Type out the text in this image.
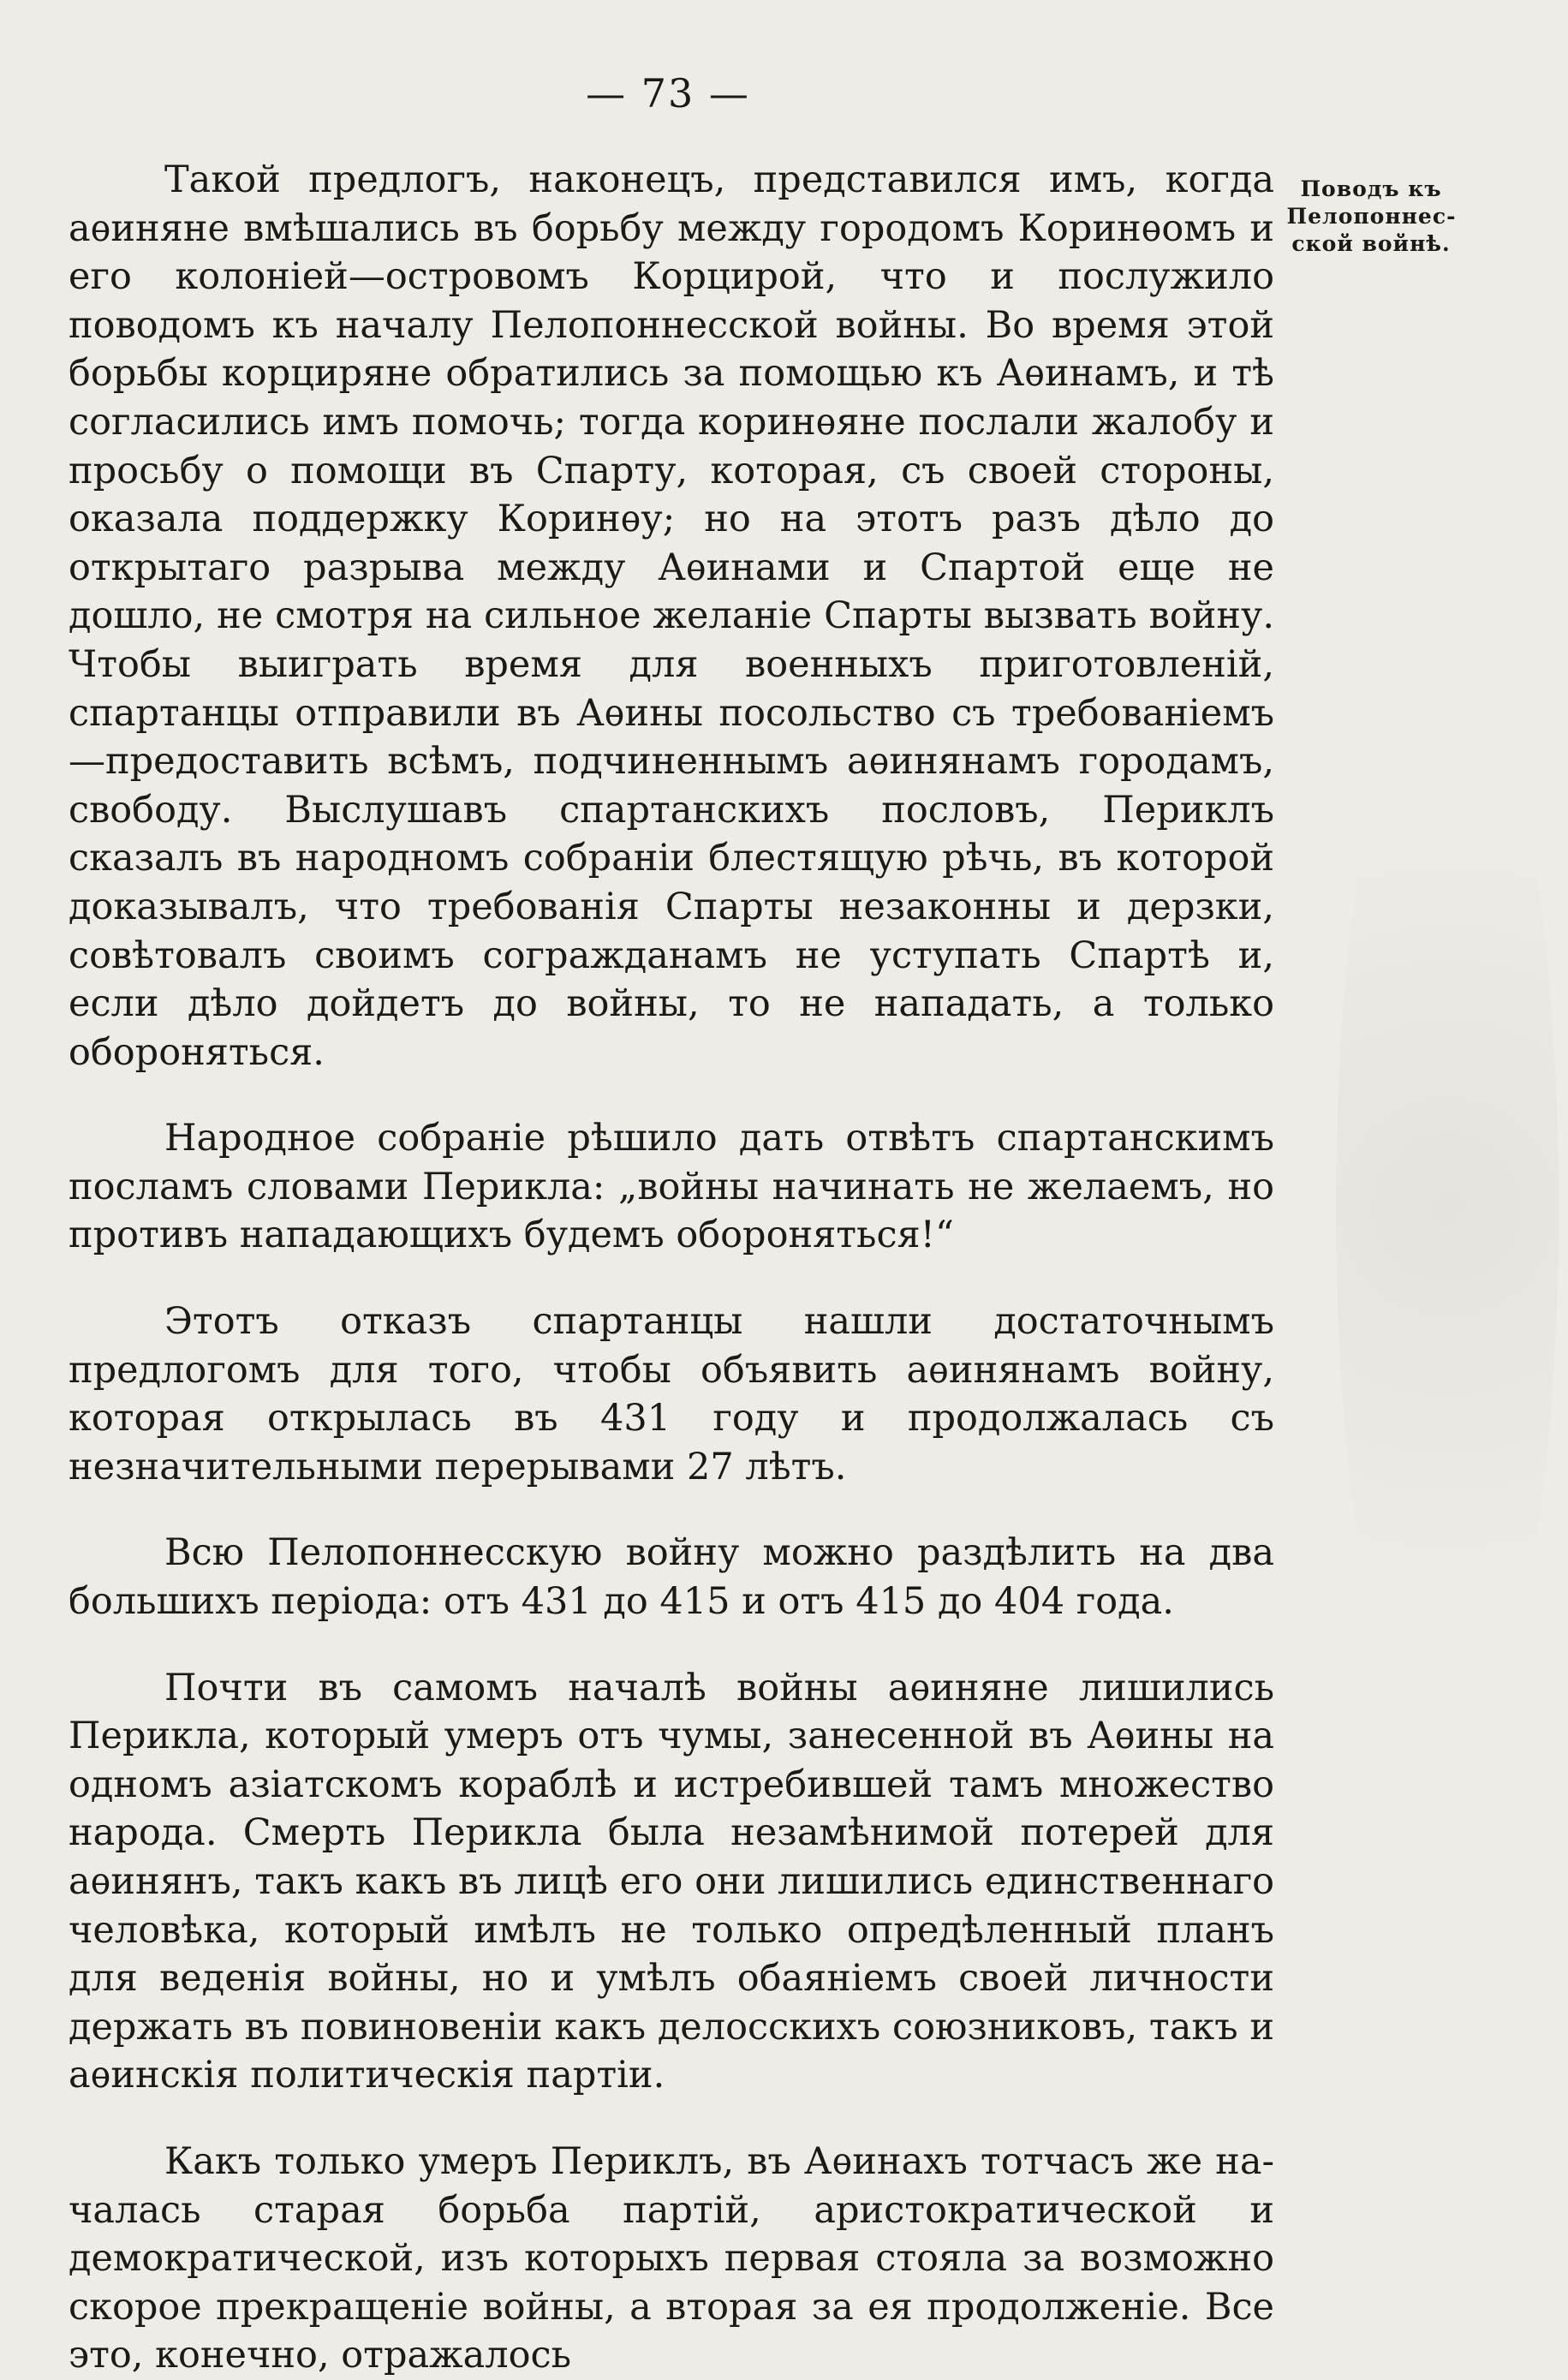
— 73 —
Поводъ къ Пелопоннесской войнѣ.

Такой предлогъ, наконецъ, представился имъ, когда аѳиняне вмѣшались въ борьбу между городомъ Коринѳомъ и его колоніей—островомъ Корцирой, что и послужило поводомъ къ началу Пелопоннесской войны. Во время этой борьбы корциряне обратились за помощью къ Аѳинамъ, и тѣ согласились имъ помочь; тогда коринѳяне послали жалобу и просьбу о помощи въ Спарту, которая, съ своей стороны, оказала поддержку Коринѳу; но на этотъ разъ дѣло до открытаго разрыва между Аѳинами и Спартой еще не дошло, не смотря на сильное желаніе Спарты вызвать войну. Чтобы выиграть время для военныхъ приготовленій, спартанцы отправили въ Аѳины посольство съ требованіемъ —предоставить всѣмъ, подчиненнымъ аѳинянамъ городамъ, свободу. Выслушавъ спартанскихъ пословъ, Периклъ сказалъ въ народномъ собраніи блестящую рѣчь, въ которой доказывалъ, что требованія Спарты незаконны и дерзки, совѣтовалъ своимъ согражданамъ не уступать Спартѣ и, если дѣло дойдетъ до войны, то не нападать, а только обороняться.

Народное собраніе рѣшило дать отвѣтъ спартанскимъ посламъ словами Перикла: „войны начинать не желаемъ, но противъ нападающихъ будемъ обороняться!“

Этотъ отказъ спартанцы нашли достаточнымъ предлогомъ для того, чтобы объявить аѳинянамъ войну, которая открылась въ 431 году и продолжалась съ незначительными перерывами 27 лѣтъ.

Всю Пелопоннесскую войну можно раздѣлить на два большихъ періода: отъ 431 до 415 и отъ 415 до 404 года.

Почти въ самомъ началѣ войны аѳиняне лишились Перикла, который умеръ отъ чумы, занесенной въ Аѳины на одномъ азіатскомъ кораблѣ и истребившей тамъ множество народа. Смерть Перикла была незамѣнимой потерей для аѳинянъ, такъ какъ въ лицѣ его они лишились единственнаго человѣка, который имѣлъ не только опредѣленный планъ для веденія войны, но и умѣлъ обаяніемъ своей личности держать въ повиновеніи какъ делосскихъ союзниковъ, такъ и аѳинскія политическія партіи.

Какъ только умеръ Периклъ, въ Аѳинахъ тотчасъ же началась старая борьба партій, аристократической и демократической, изъ которыхъ первая стояла за возможно скорое прекращеніе войны, а вторая за ея продолженіе. Все это, конечно, отражалось
